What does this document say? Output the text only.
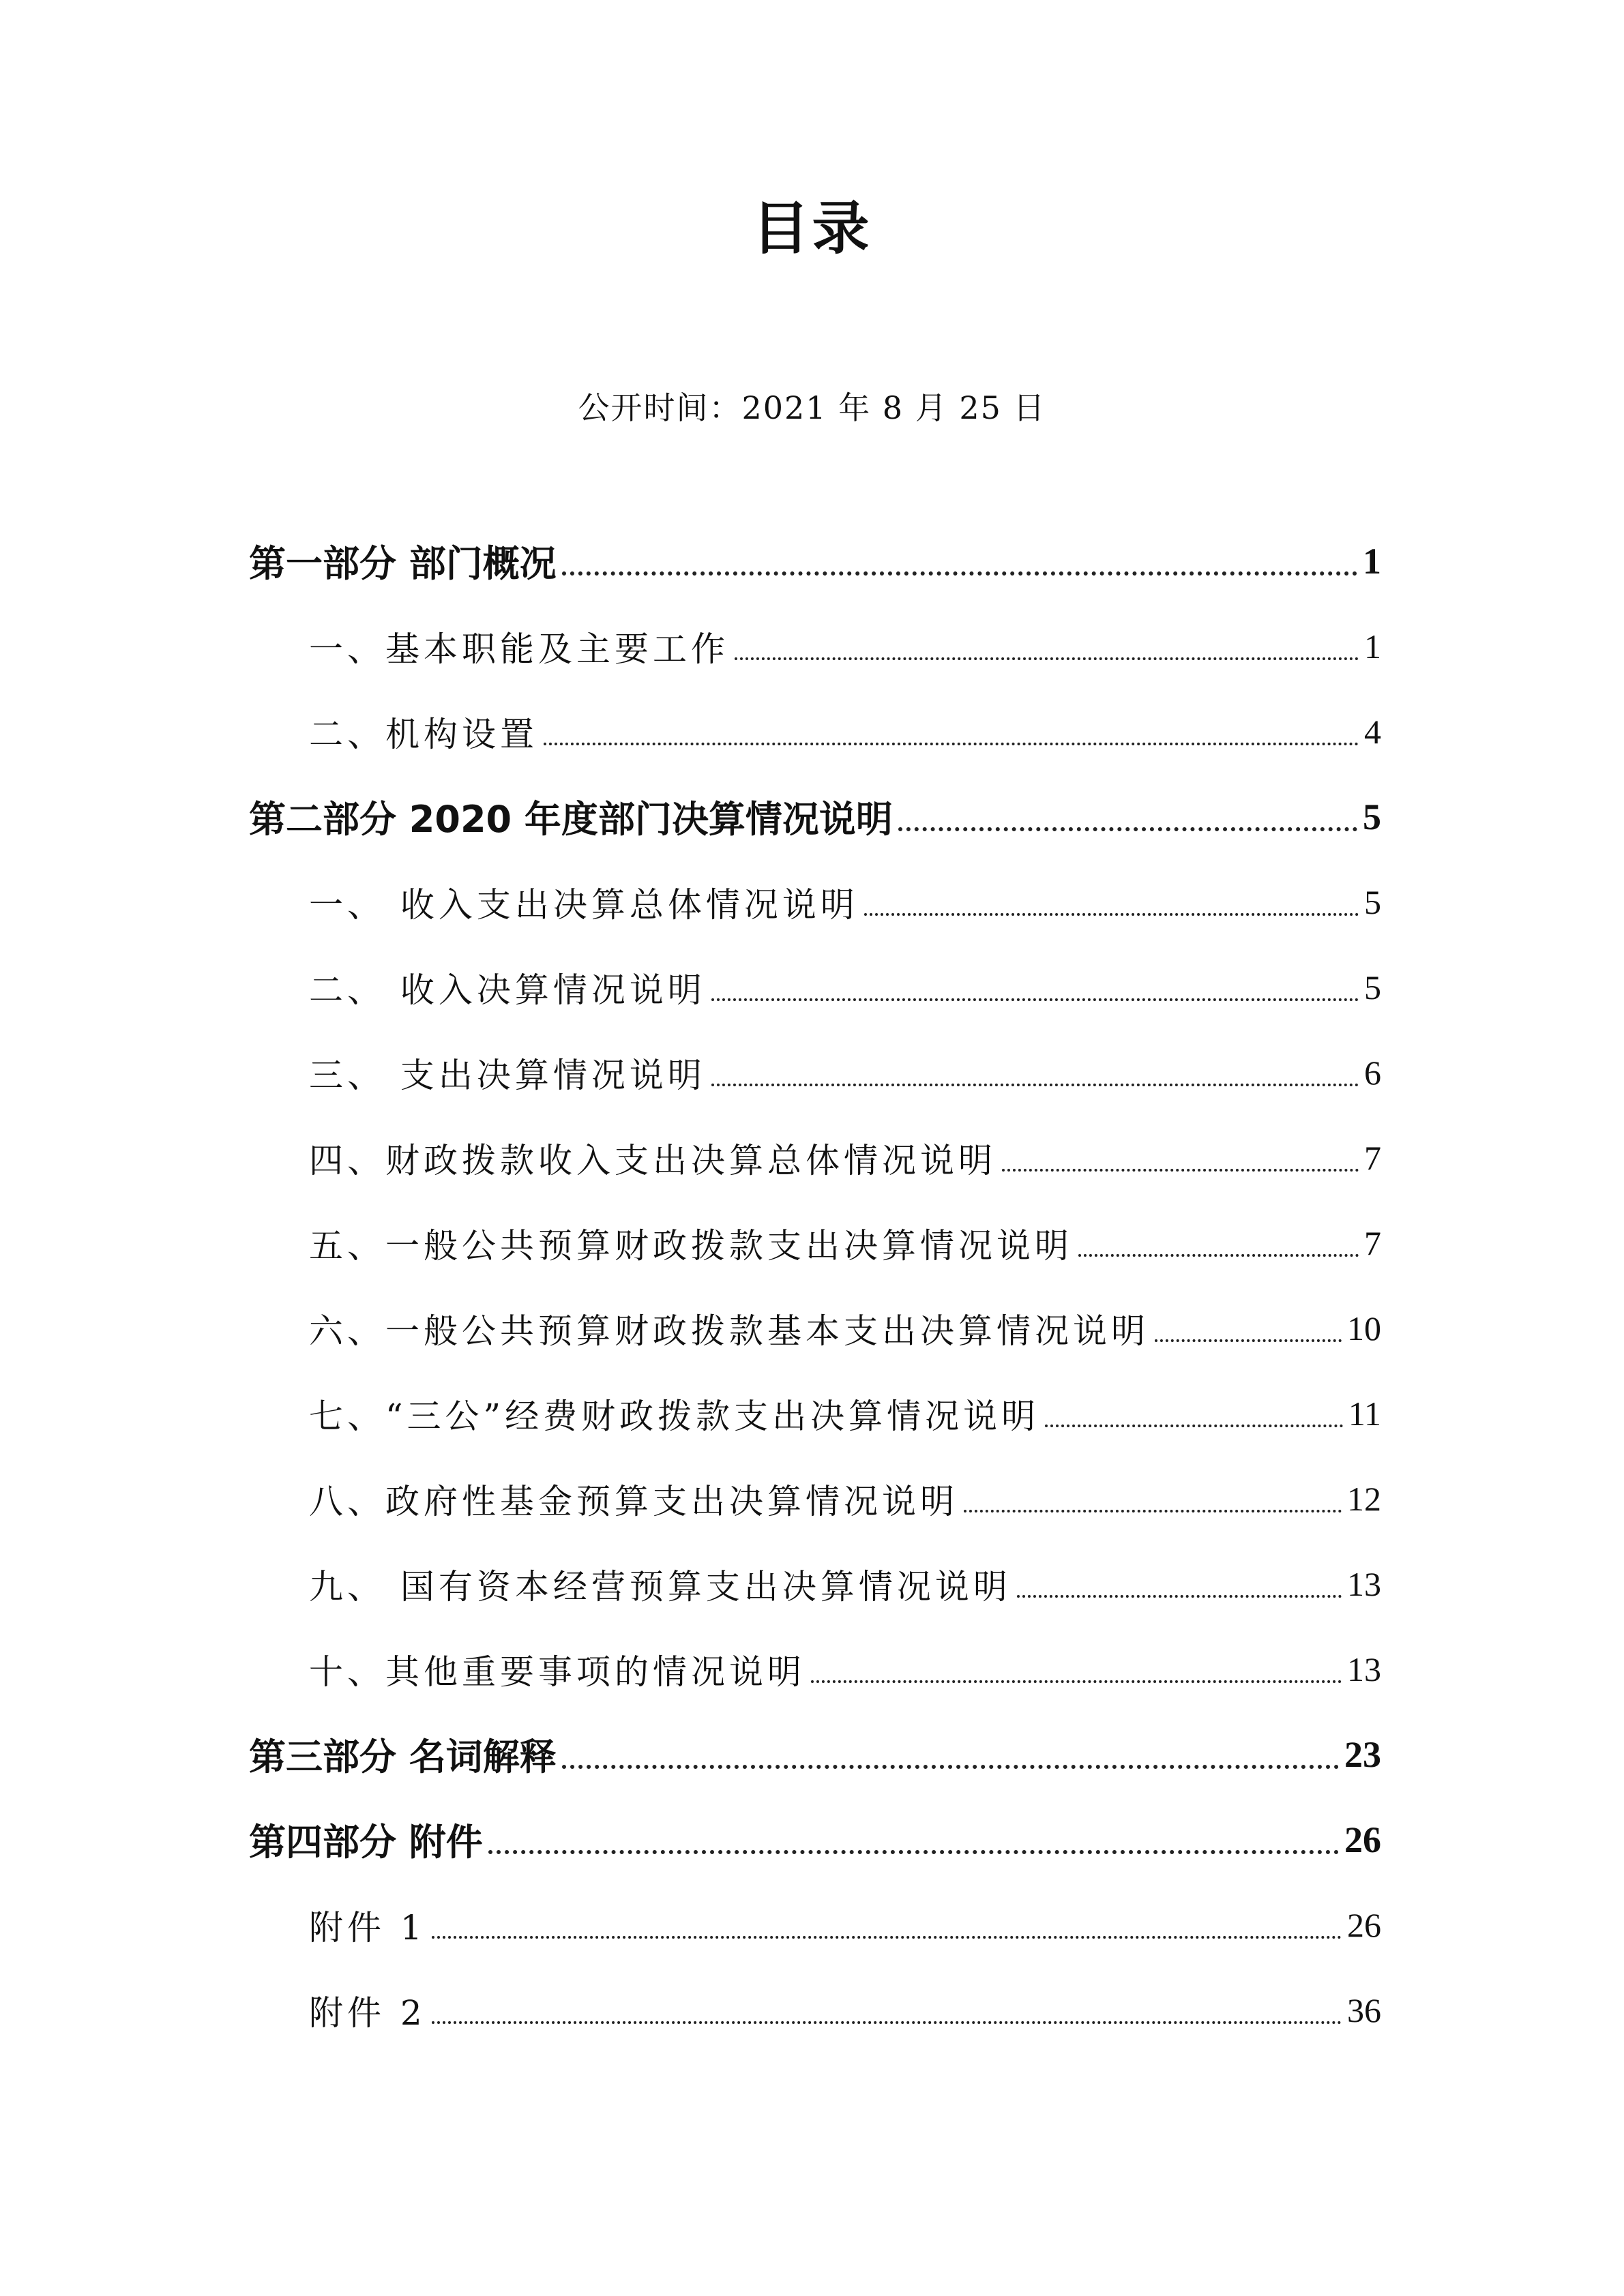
目录
公开时间：2021 年 8 月 25 日
第一部分 部门概况	1
一、基本职能及主要工作	1
二、机构设置	4
第二部分 2020 年度部门决算情况说明	5
一、 收入支出决算总体情况说明	5
二、 收入决算情况说明	5
三、 支出决算情况说明	6
四、财政拨款收入支出决算总体情况说明	7
五、一般公共预算财政拨款支出决算情况说明	7
六、一般公共预算财政拨款基本支出决算情况说明	10
七、“三公”经费财政拨款支出决算情况说明	11
八、政府性基金预算支出决算情况说明	12
九、 国有资本经营预算支出决算情况说明	13
十、其他重要事项的情况说明	13
第三部分 名词解释	23
第四部分 附件	26
附件 1	26
附件 2	36
